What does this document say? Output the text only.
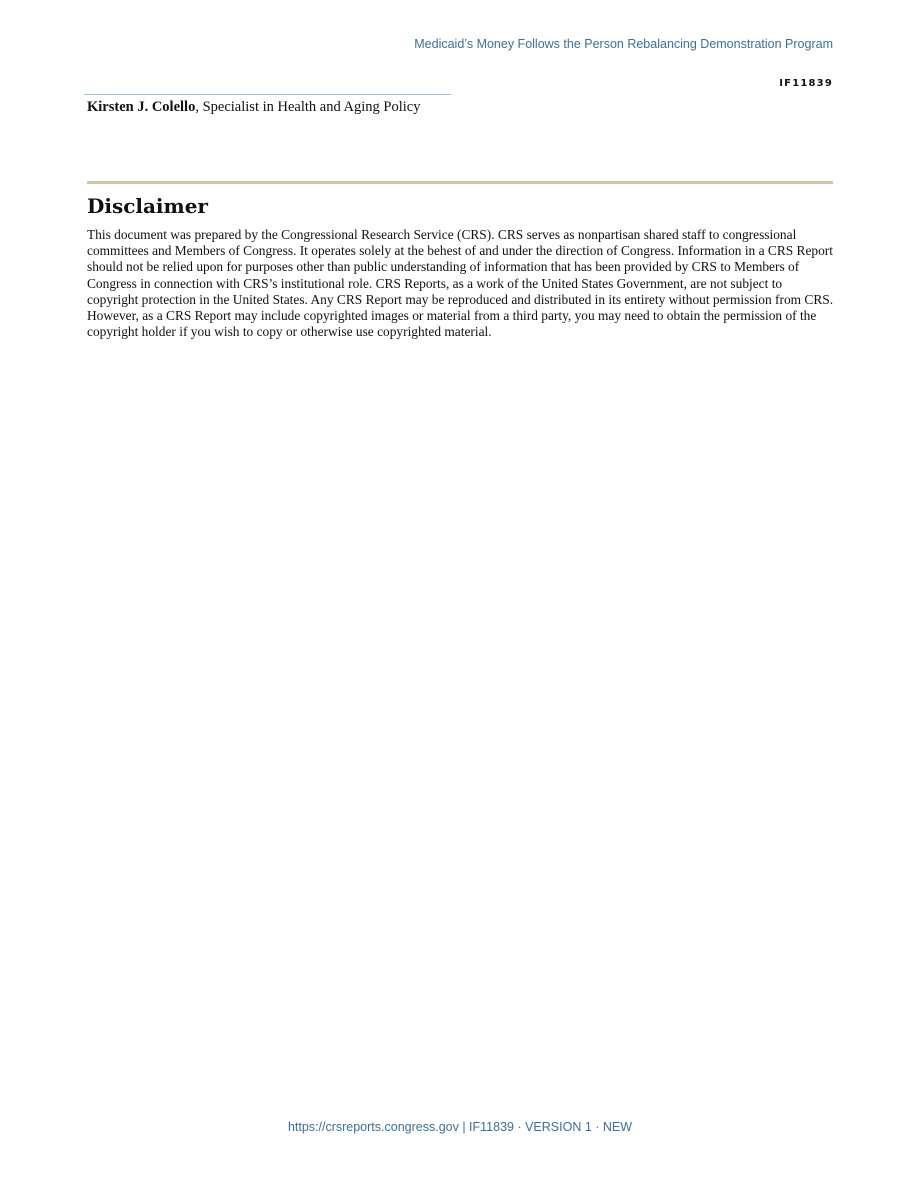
Medicaid’s Money Follows the Person Rebalancing Demonstration Program
IF11839
Kirsten J. Colello, Specialist in Health and Aging Policy
Disclaimer

This document was prepared by the Congressional Research Service (CRS). CRS serves as nonpartisan shared staff to congressional committees and Members of Congress. It operates solely at the behest of and under the direction of Congress. Information in a CRS Report should not be relied upon for purposes other than public understanding of information that has been provided by CRS to Members of Congress in connection with CRS’s institutional role. CRS Reports, as a work of the United States Government, are not subject to copyright protection in the United States. Any CRS Report may be reproduced and distributed in its entirety without permission from CRS. However, as a CRS Report may include copyrighted images or material from a third party, you may need to obtain the permission of the copyright holder if you wish to copy or otherwise use copyrighted material.

https://crsreports.congress.gov | IF11839 · VERSION 1 · NEW
